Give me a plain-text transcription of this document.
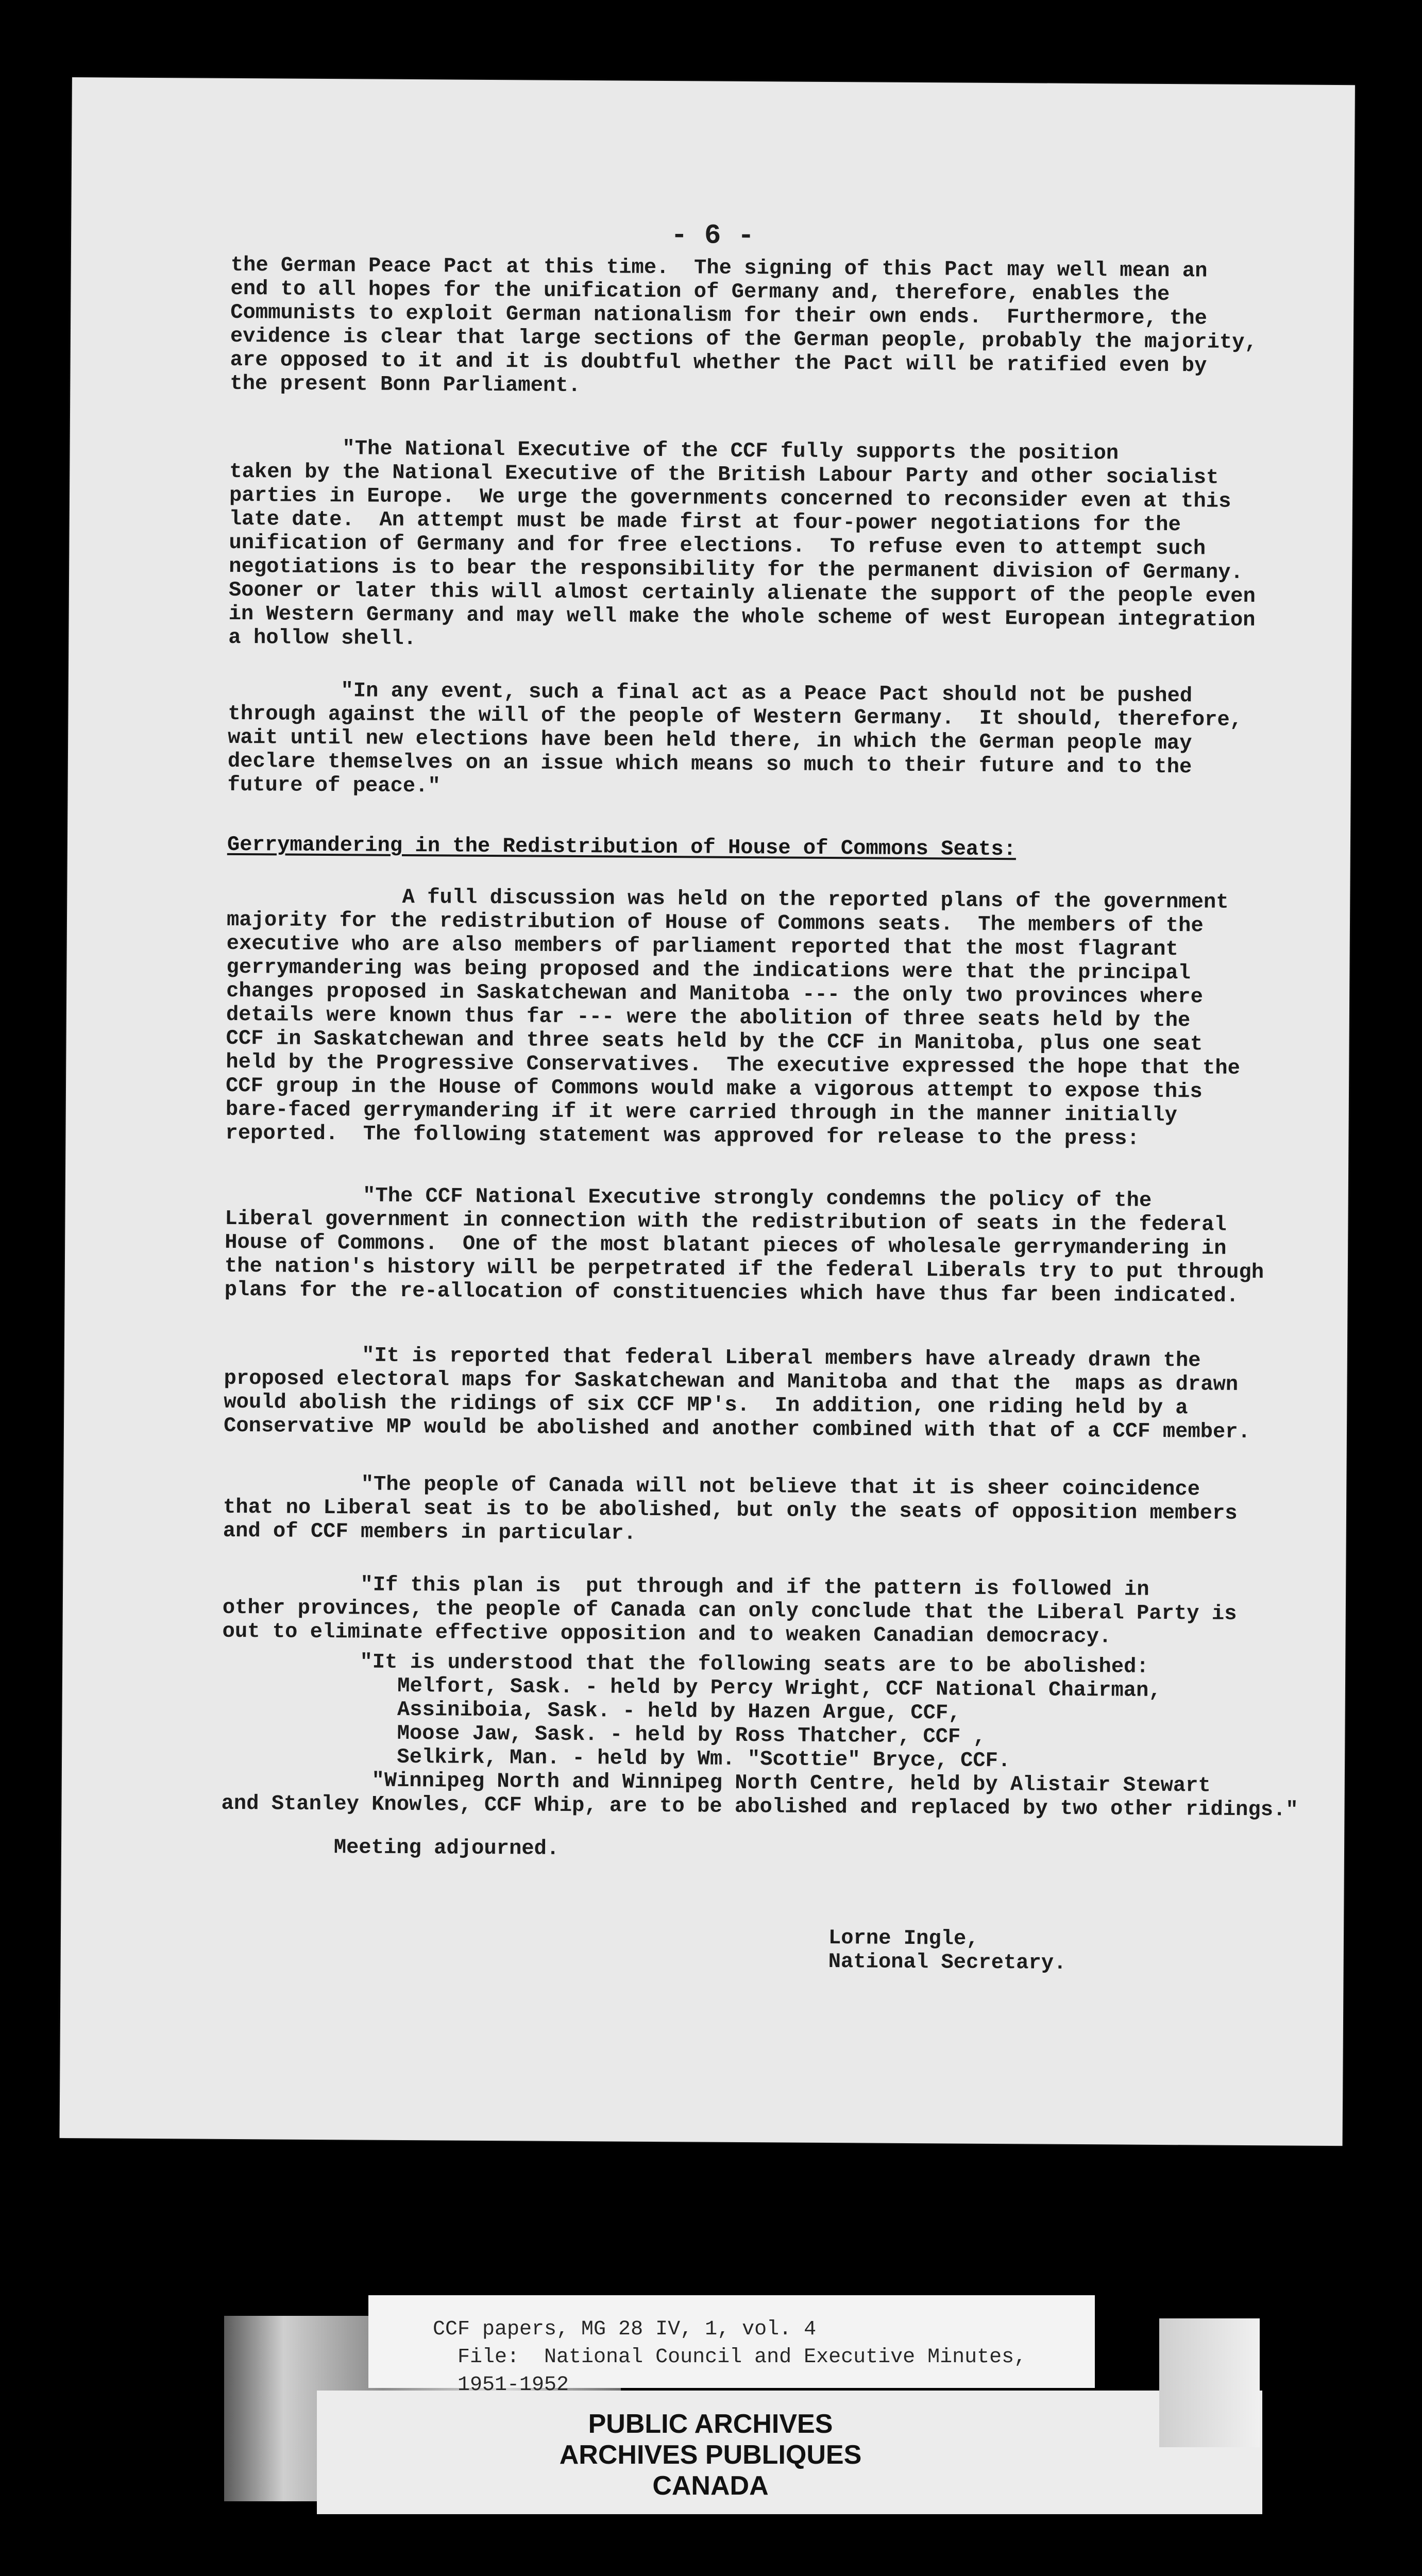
- 6 -
the German Peace Pact at this time.  The signing of this Pact may well mean an
end to all hopes for the unification of Germany and, therefore, enables the
Communists to exploit German nationalism for their own ends.  Furthermore, the
evidence is clear that large sections of the German people, probably the majority,
are opposed to it and it is doubtful whether the Pact will be ratified even by
the present Bonn Parliament.
"The National Executive of the CCF fully supports the position
taken by the National Executive of the British Labour Party and other socialist
parties in Europe.  We urge the governments concerned to reconsider even at this
late date.  An attempt must be made first at four-power negotiations for the
unification of Germany and for free elections.  To refuse even to attempt such
negotiations is to bear the responsibility for the permanent division of Germany.
Sooner or later this will almost certainly alienate the support of the people even
in Western Germany and may well make the whole scheme of west European integration
a hollow shell.
"In any event, such a final act as a Peace Pact should not be pushed
through against the will of the people of Western Germany.  It should, therefore,
wait until new elections have been held there, in which the German people may
declare themselves on an issue which means so much to their future and to the
future of peace."
Gerrymandering in the Redistribution of House of Commons Seats:
A full discussion was held on the reported plans of the government
majority for the redistribution of House of Commons seats.  The members of the
executive who are also members of parliament reported that the most flagrant
gerrymandering was being proposed and the indications were that the principal
changes proposed in Saskatchewan and Manitoba --- the only two provinces where
details were known thus far --- were the abolition of three seats held by the
CCF in Saskatchewan and three seats held by the CCF in Manitoba, plus one seat
held by the Progressive Conservatives.  The executive expressed the hope that the
CCF group in the House of Commons would make a vigorous attempt to expose this
bare-faced gerrymandering if it were carried through in the manner initially
reported.  The following statement was approved for release to the press:
"The CCF National Executive strongly condemns the policy of the
Liberal government in connection with the redistribution of seats in the federal
House of Commons.  One of the most blatant pieces of wholesale gerrymandering in
the nation's history will be perpetrated if the federal Liberals try to put through
plans for the re-allocation of constituencies which have thus far been indicated.
"It is reported that federal Liberal members have already drawn the
proposed electoral maps for Saskatchewan and Manitoba and that the  maps as drawn
would abolish the ridings of six CCF MP's.  In addition, one riding held by a
Conservative MP would be abolished and another combined with that of a CCF member.
"The people of Canada will not believe that it is sheer coincidence
that no Liberal seat is to be abolished, but only the seats of opposition members
and of CCF members in particular.
"If this plan is  put through and if the pattern is followed in
other provinces, the people of Canada can only conclude that the Liberal Party is
out to eliminate effective opposition and to weaken Canadian democracy.
"It is understood that the following seats are to be abolished:
Melfort, Sask. - held by Percy Wright, CCF National Chairman,
Assiniboia, Sask. - held by Hazen Argue, CCF,
Moose Jaw, Sask. - held by Ross Thatcher, CCF ,
Selkirk, Man. - held by Wm. "Scottie" Bryce, CCF.
"Winnipeg North and Winnipeg North Centre, held by Alistair Stewart
and Stanley Knowles, CCF Whip, are to be abolished and replaced by two other ridings."
Meeting adjourned.
Lorne Ingle,
National Secretary.
CCF papers, MG 28 IV, 1, vol. 4
File:  National Council and Executive Minutes,
1951-1952
PUBLIC ARCHIVES
ARCHIVES PUBLIQUES
CANADA
